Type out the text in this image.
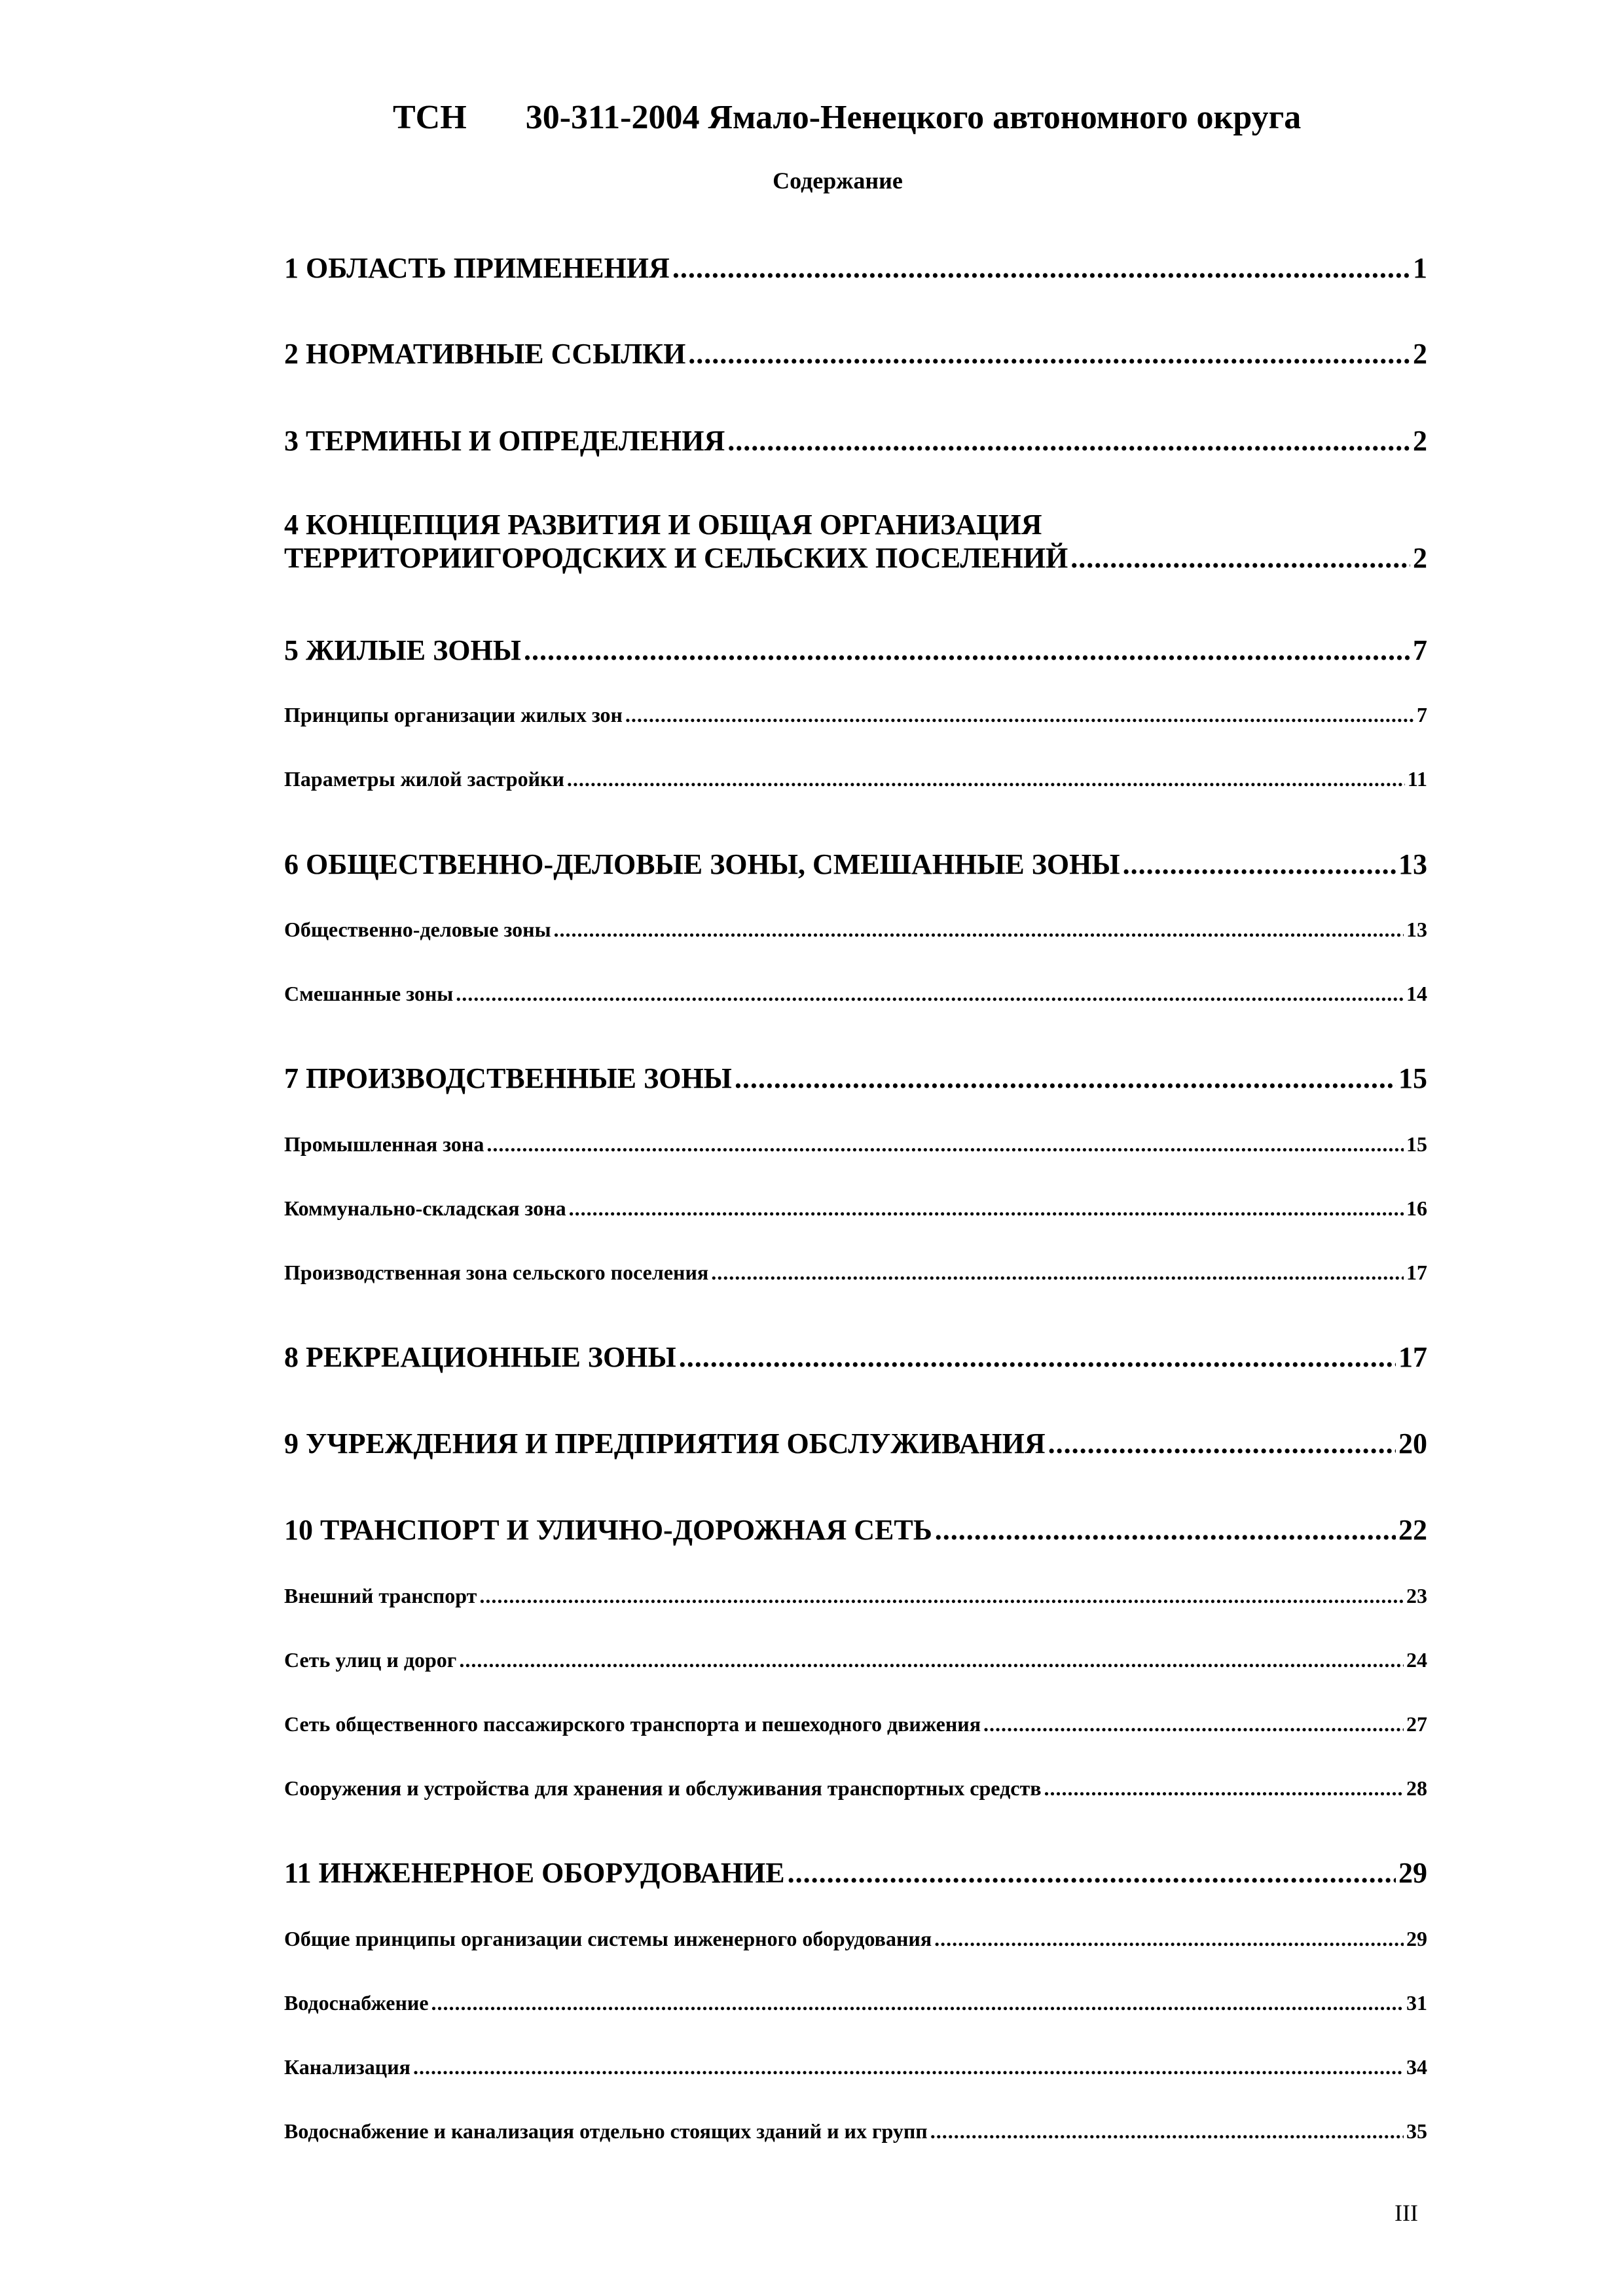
ТСН 30-311-2004 Ямало-Ненецкого автономного округа
Содержание
1 ОБЛАСТЬ ПРИМЕНЕНИЯ .....	1
2 НОРМАТИВНЫЕ ССЫЛКИ .....	2
3 ТЕРМИНЫ И ОПРЕДЕЛЕНИЯ .....	2
4 КОНЦЕПЦИЯ РАЗВИТИЯ И ОБЩАЯ ОРГАНИЗАЦИЯ
ТЕРРИТОРИИГОРОДСКИХ И СЕЛЬСКИХ ПОСЕЛЕНИЙ .....	2
5 ЖИЛЫЕ ЗОНЫ .....	7
Принципы организации жилых зон .....	7
Параметры жилой застройки .....	11
6 ОБЩЕСТВЕННО-ДЕЛОВЫЕ ЗОНЫ, СМЕШАННЫЕ ЗОНЫ .....	13
Общественно-деловые зоны .....	13
Смешанные зоны .....	14
7 ПРОИЗВОДСТВЕННЫЕ ЗОНЫ .....	15
Промышленная зона .....	15
Коммунально-складская зона .....	16
Производственная зона сельского поселения .....	17
8 РЕКРЕАЦИОННЫЕ ЗОНЫ .....	17
9 УЧРЕЖДЕНИЯ И ПРЕДПРИЯТИЯ ОБСЛУЖИВАНИЯ .....	20
10 ТРАНСПОРТ И УЛИЧНО-ДОРОЖНАЯ СЕТЬ .....	22
Внешний транспорт .....	23
Сеть улиц и дорог .....	24
Сеть общественного пассажирского транспорта и пешеходного движения .....	27
Сооружения и устройства для хранения и обслуживания транспортных средств .....	28
11 ИНЖЕНЕРНОЕ ОБОРУДОВАНИЕ .....	29
Общие принципы организации системы инженерного оборудования .....	29
Водоснабжение .....	31
Канализация .....	34
Водоснабжение и канализация отдельно стоящих зданий и их групп .....	35
III
